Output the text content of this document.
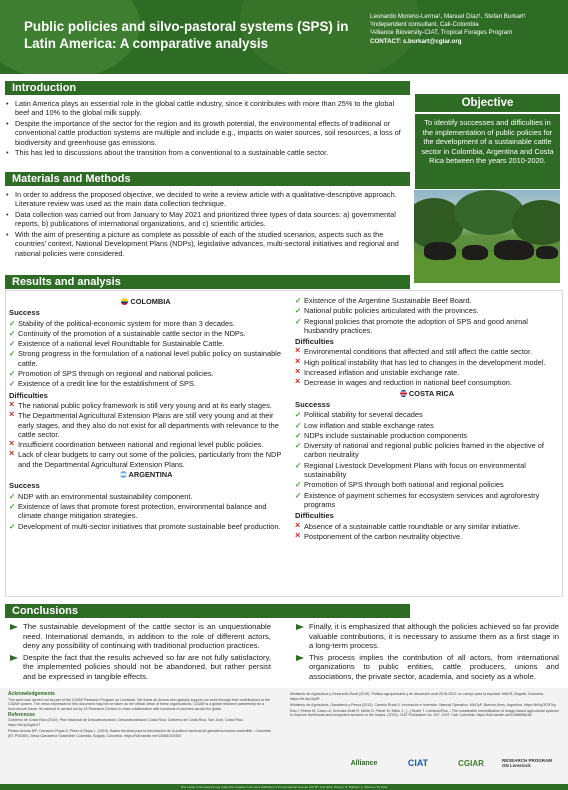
Public policies and silvo-pastoral systems (SPS) in Latin America: A comparative analysis
Leonardo Moreno-Lerma¹, Manuel Díaz¹, Stefan Burkart¹
¹Independent consultant, Cali-Colombia
²Alliance Bioversity-CIAT, Tropical Forages Program
CONTACT: s.burkart@cgiar.org
Introduction
• Latin America plays an essential role in the global cattle industry, since it contributes with more than 25% to the global beef and 10% to the global milk supply.
• Despite the importance of the sector for the region and its growth potential, the environmental effects of traditional or conventional cattle production systems are multiple and include e.g., impacts on water sources, soil resources, a loss of biodiversity and greenhouse gas emissions.
• This has led to discussions about the transition from a conventional to a sustainable cattle sector.
Objective
To identify successes and difficulties in the implementation of public policies for the development of a sustainable cattle sector in Colombia, Argentina and Costa Rica between the years 2010-2020.
Materials and Methods
• In order to address the proposed objective, we decided to write a review article with a qualitative-descriptive approach. Literature review was used as the main data collection technique.
• Data collection was carried out from January to May 2021 and prioritized three types of data sources: a) governmental reports, b) publications of international organizations, and c) scientific articles.
• With the aim of presenting a picture as complete as possible of each of the studied scenarios, aspects such as the countries' context, National Development Plans (NDPs), legislative advances, multi-sectoral initiatives and regional and national policies were considered.
Results and analysis
COLOMBIA
Success
✓ Stability of the political-economic system for more than 3 decades.
✓ Continuity of the promotion of a sustainable cattle sector in the NDPs.
✓ Existence of a national level Roundtable for Sustainable Cattle.
✓ Strong progress in the formulation of a national level public policy on sustainable cattle.
✓ Promotion of SPS through on regional and national policies.
✓ Existence of a credit line for the establishment of SPS.
Difficulties
× The national public policy framework is still very young and at its early stages.
× The Departmental Agricultural Extension Plans are still very young and at their early stages, and they also do not exist for all departments with relevance to the cattle sector.
× Insufficient coordination between national and regional level public policies.
× Lack of clear budgets to carry out some of the policies, particularly from the NDP and the Departmental Agricultural Extension Plans.
ARGENTINA
Success
✓ NDP with an environmental sustainability component.
✓ Existence of laws that promote forest protection, environmental balance and climate change mitigation strategies.
✓ Development of multi-sector initiatives that promote sustainable beef production.
✓ Existence of the Argentine Sustainable Beef Board.
✓ National public policies articulated with the provinces.
✓ Regional policies that promote the adoption of SPS and good animal husbandry practices.
Difficulties
× Environmental conditions that affected and still affect the cattle sector.
× High political instability that has led to changes in the development model.
× Increased inflation and unstable exchange rate.
× Decrease in wages and reduction in national beef consumption.
COSTA RICA
Successs
✓ Political stability for several decades
✓ Low inflation and stable exchange rates
✓ NDPs include sustainable production components
✓ Diversity of national and regional public policies framed in the objective of carbon neutrality
✓ Regional Livestock Development Plans with focus on environmental sustainability
✓ Promotion of SPS through both national and regional policies
✓ Existence of payment schemes for ecosystem services and agroforestry programs
Difficulties
× Absence of a sustainable cattle roundtable or any similar initiative.
× Postponement of the carbon neutrality objective.
Conclusions
The sustainable development of the cattle sector is an unquestionable need. International demands, in addition to the role of different actors, deny any possibility of continuing with traditional production practices.
Despite the fact that the results achieved so far are not fully satisfactory, the implemented policies should not be abandoned, but rather persist and be expressed in tangible effects.
Finally, it is emphasized that although the policies achieved so far provide valuable contributions, it is necessary to assume them as a first stage in a long-term process.
This process implies the contribution of all actors, from international organizations to public entities, cattle producers, unions and associations, the private sector, academia, and society as a whole.
Acknowledgements

This work was carried out as part of the CGIAR Research Program on Livestock. We thank all donors who globally support our work through their contributions to the CGIAR system. The views expressed in this document may not be taken as the official views of these organizations. CGIAR is a global research partnership for a food-secure future. Its science is carried out by 15 Research Centers in close collaboration with hundreds of partners across the globe.

References

Gobierno de Costa Rica (2019). Plan Nacional de Descarbonización. Descarbonización Costa Rica. Gobierno de Costa Rica, San José, Costa Rica. https://bit.ly/3rgdUr7

Peláez Acosta MF; Camacho Rojas A; Pérez-A Rojas L. (2019). Bases técnicas para la formulación de la política nacional de ganadería bovina sostenible - Colombia (BT-PNGBS). Mesa Ganadería Sostenible Colombia, Bogotá, Colombia. https://hdl.handle.net/10568/103453

Ministerio de Agricultura y Desarrollo Rural (2019). Política agropecuaria y de desarrollo rural 2018-2022: un campo para la equidad. MADR, Bogotá, Colombia. https://rb.rby/3q3R

Ministerio de Agricultura, Ganadería y Pesca (2013). Cambio Rural II, Innovación e Inversión. Manual Operativo. MAGyP, Buenos Aires, Argentina. https://bit.ly/3lT8Tuy

Rao I; Peters M; Castro A; Schultze-Kraft R; White D; Fisher M; Miles J.; [...] Rudel T. LivestockPlus – The sustainable intensification of forage-based agricultural systems to improve livelihoods and ecosystem services in the tropics. (2015). CIAT Publication No. 407. CIAT, Cali, Colombia. https://hdl.handle.net/10568/68183

Alliance	CIAT	CGIAR	RESEARCH PROGRAM ON Livestock
This poster is licensed for use under the Creative Commons Attribution 4.0 International License (CC BY 4.0) 2021. Design: S. Burkart / L. Moreno / M. Díaz
